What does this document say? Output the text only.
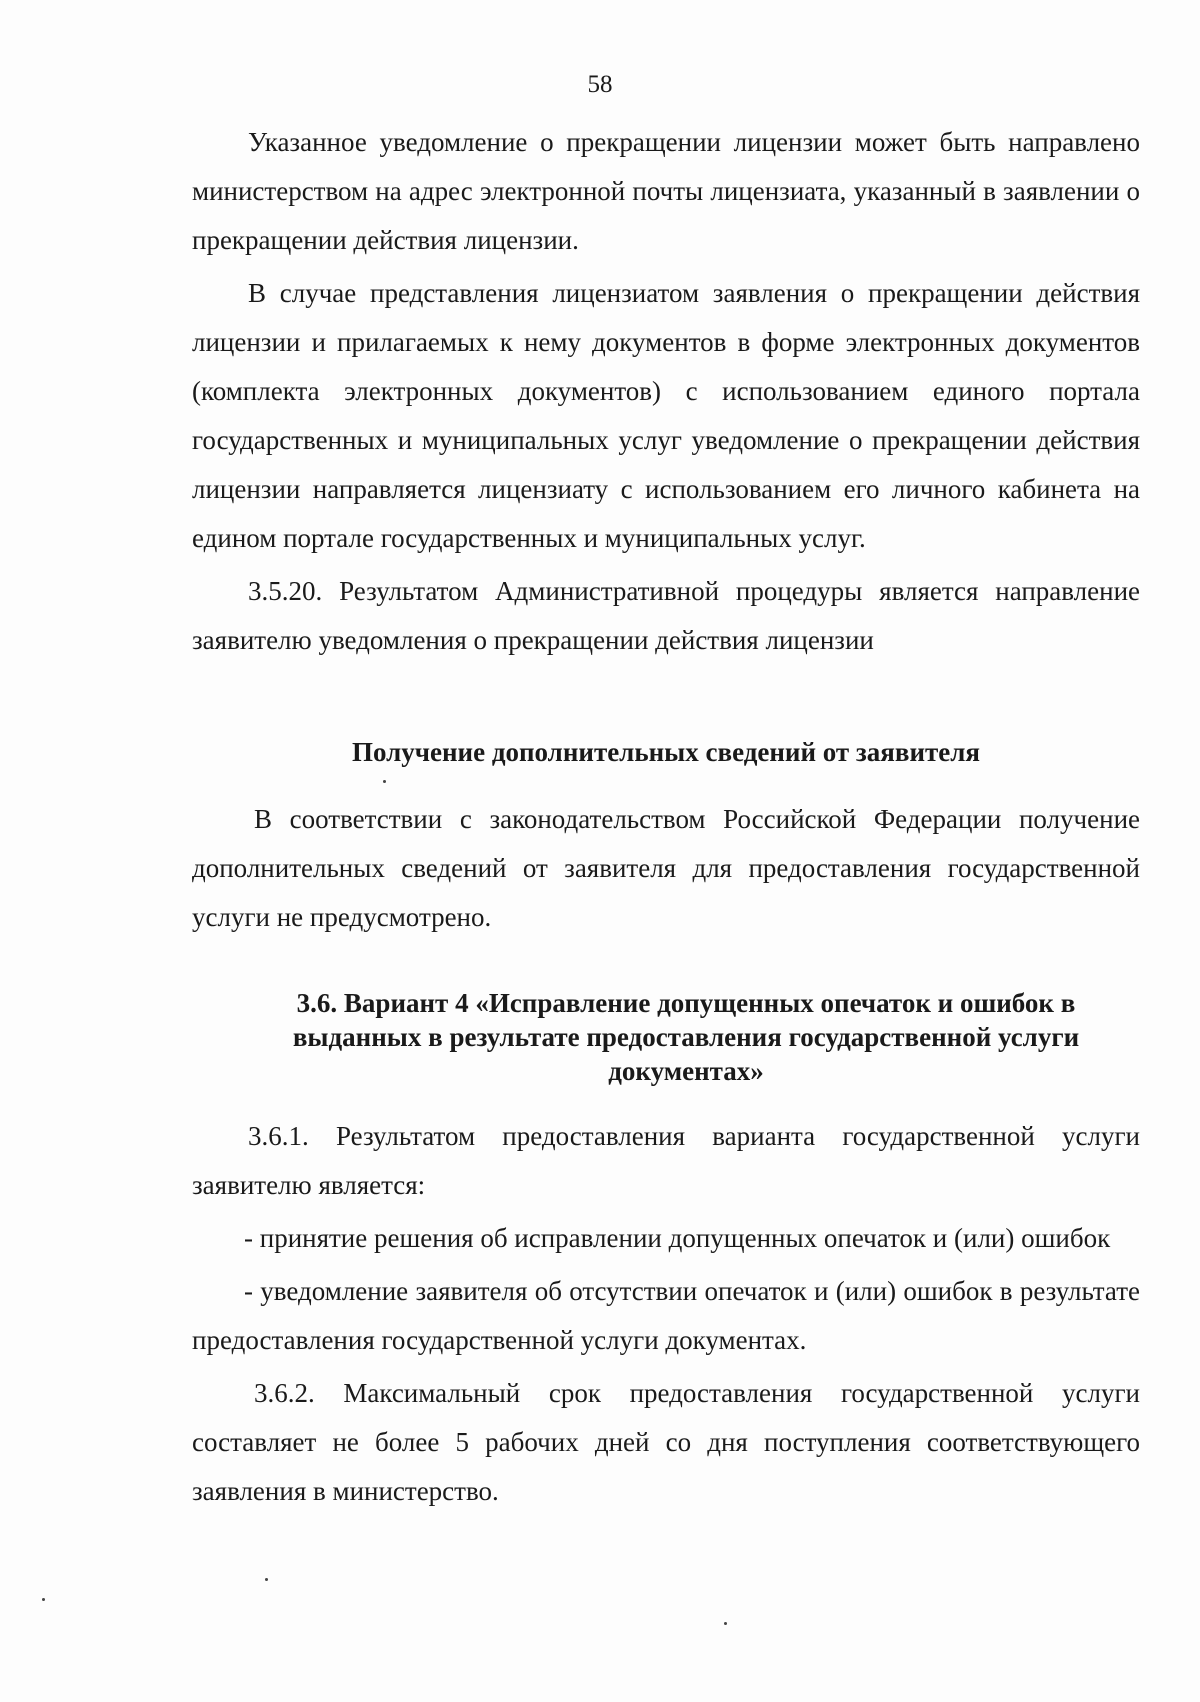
58

Указанное уведомление о прекращении лицензии может быть направлено министерством на адрес электронной почты лицензиата, указанный в заявлении о прекращении действия лицензии.

В случае представления лицензиатом заявления о прекращении действия лицензии и прилагаемых к нему документов в форме электронных документов (комплекта электронных документов) с использованием единого портала государственных и муниципальных услуг уведомление о прекращении действия лицензии направляется лицензиату с использованием его личного кабинета на едином портале государственных и муниципальных услуг.

3.5.20. Результатом Административной процедуры является направление заявителю уведомления о прекращении действия лицензии

Получение дополнительных сведений от заявителя

В соответствии с законодательством Российской Федерации получение дополнительных сведений от заявителя для предоставления государственной услуги не предусмотрено.

3.6. Вариант 4 «Исправление допущенных опечаток и ошибок в
выданных в результате предоставления государственной услуги
документах»

3.6.1. Результатом предоставления варианта государственной услуги заявителю является:

- принятие решения об исправлении допущенных опечаток и (или) ошибок

- уведомление заявителя об отсутствии опечаток и (или) ошибок в результате предоставления государственной услуги документах.

3.6.2. Максимальный срок предоставления государственной услуги составляет не более 5 рабочих дней со дня поступления соответствующего заявления в министерство.
